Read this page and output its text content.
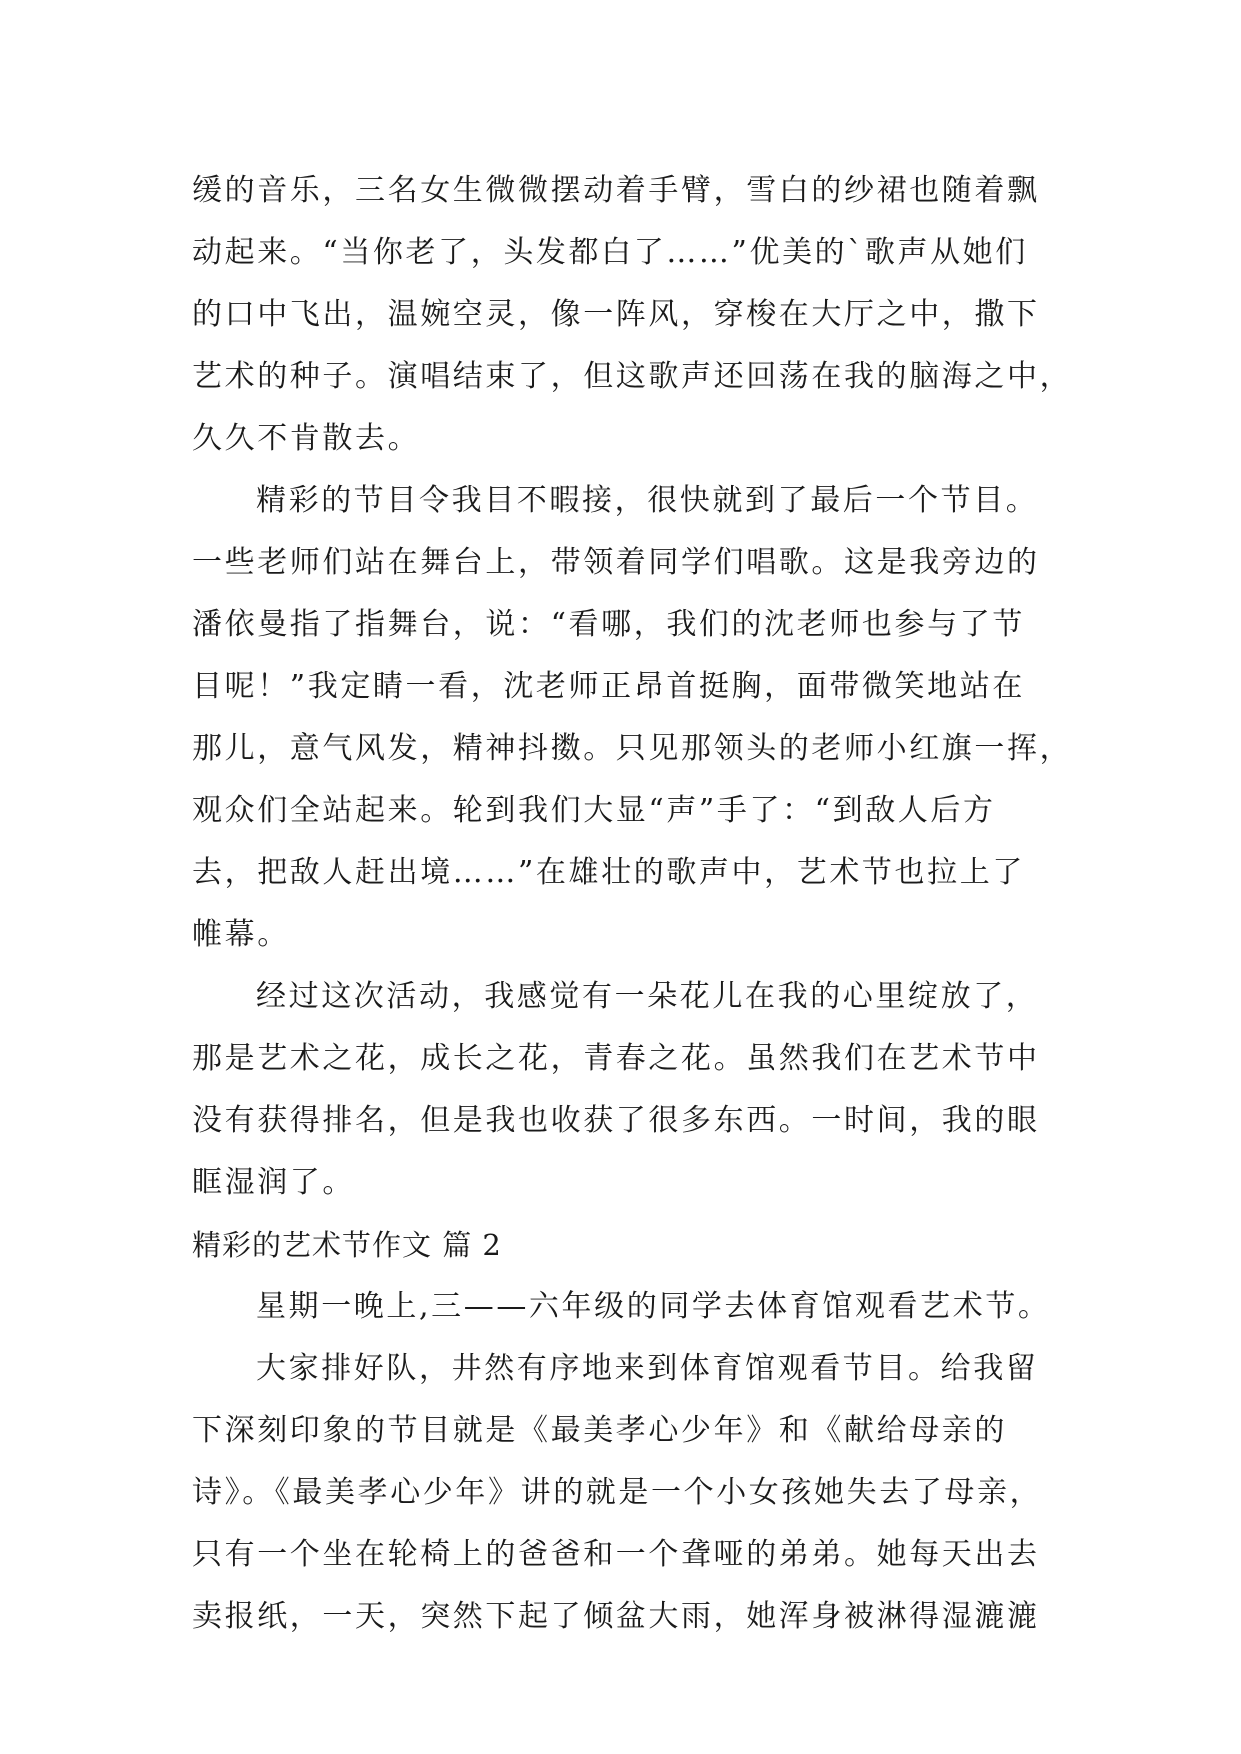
缓的音乐，三名女生微微摆动着手臂，雪白的纱裙也随着飘
动起来。“当你老了，头发都白了……”优美的`歌声从她们
的口中飞出，温婉空灵，像一阵风，穿梭在大厅之中，撒下
艺术的种子。演唱结束了，但这歌声还回荡在我的脑海之中，
久久不肯散去。
精彩的节目令我目不暇接，很快就到了最后一个节目。
一些老师们站在舞台上，带领着同学们唱歌。这是我旁边的
潘依曼指了指舞台，说：“看哪，我们的沈老师也参与了节
目呢！”我定睛一看，沈老师正昂首挺胸，面带微笑地站在
那儿，意气风发，精神抖擞。只见那领头的老师小红旗一挥，
观众们全站起来。轮到我们大显“声”手了：“到敌人后方
去，把敌人赶出境……”在雄壮的歌声中，艺术节也拉上了
帷幕。
经过这次活动，我感觉有一朵花儿在我的心里绽放了，
那是艺术之花，成长之花，青春之花。虽然我们在艺术节中
没有获得排名，但是我也收获了很多东西。一时间，我的眼
眶湿润了。
精彩的艺术节作文 篇 2
星期一晚上,三——六年级的同学去体育馆观看艺术节。
大家排好队，井然有序地来到体育馆观看节目。给我留
下深刻印象的节目就是《最美孝心少年》和《献给母亲的
诗》。《最美孝心少年》讲的就是一个小女孩她失去了母亲，
只有一个坐在轮椅上的爸爸和一个聋哑的弟弟。她每天出去
卖报纸，一天，突然下起了倾盆大雨，她浑身被淋得湿漉漉
